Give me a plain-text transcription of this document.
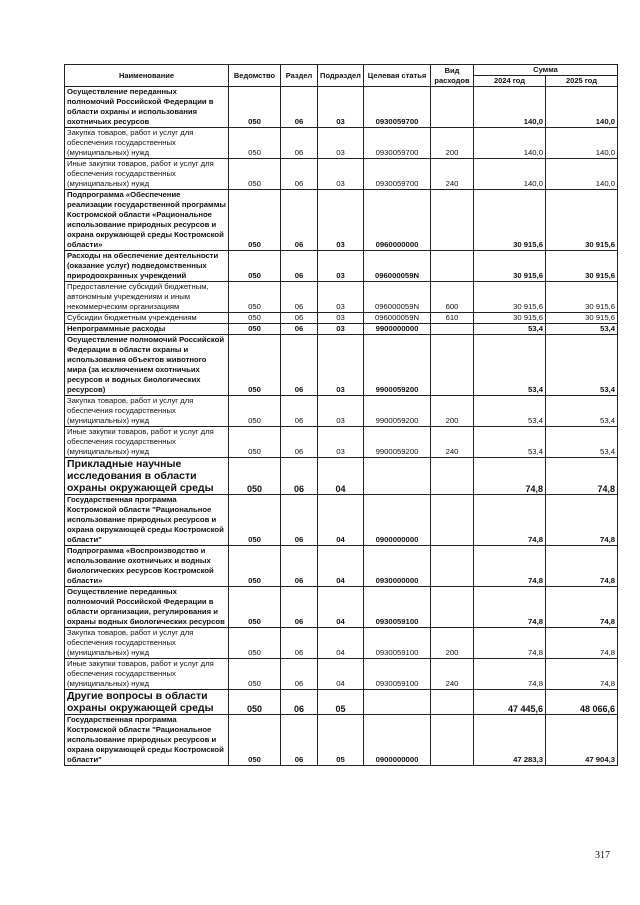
Наименование	Ведомство	Раздел	Подраздел	Целевая статья	Вид расходов	Сумма	
						2024 год	2025 год
Осуществление переданных полномочий Российской Федерации в области охраны и использования охотничьих ресурсов	050	06	03	0930059700		140,0	140,0
Закупка товаров, работ и услуг для обеспечения государственных (муниципальных) нужд	050	06	03	0930059700	200	140,0	140,0
Иные закупки товаров, работ и услуг для обеспечения государственных (муниципальных) нужд	050	06	03	0930059700	240	140,0	140,0
Подпрограмма «Обеспечение реализации государственной программы Костромской области «Рациональное использование природных ресурсов и охрана окружающей среды Костромской области»	050	06	03	0960000000		30 915,6	30 915,6
Расходы на обеспечение деятельности (оказание услуг) подведомственных природоохранных учреждений	050	06	03	096000059N		30 915,6	30 915,6
Предоставление субсидий бюджетным, автономным учреждениям и иным некоммерческим организациям	050	06	03	096000059N	600	30 915,6	30 915,6
Субсидии бюджетным учреждениям	050	06	03	096000059N	610	30 915,6	30 915,6
Непрограммные расходы	050	06	03	9900000000		53,4	53,4
Осуществление полномочий Российской Федерации в области охраны и использования объектов животного мира (за исключением охотничьих ресурсов и водных биологических ресурсов)	050	06	03	9900059200		53,4	53,4
Закупка товаров, работ и услуг для обеспечения государственных (муниципальных) нужд	050	06	03	9900059200	200	53,4	53,4
Иные закупки товаров, работ и услуг для обеспечения государственных (муниципальных) нужд	050	06	03	9900059200	240	53,4	53,4
Прикладные научные исследования в области охраны окружающей среды	050	06	04			74,8	74,8
Государственная программа Костромской области "Рациональное использование природных ресурсов и охрана окружающей среды Костромской области"	050	06	04	0900000000		74,8	74,8
Подпрограмма «Воспроизводство и использование охотничьих и водных биологических ресурсов Костромской области»	050	06	04	0930000000		74,8	74,8
Осуществление переданных полномочий Российской Федерации в области организации, регулирования и охраны водных биологических ресурсов	050	06	04	0930059100		74,8	74,8
Закупка товаров, работ и услуг для обеспечения государственных (муниципальных) нужд	050	06	04	0930059100	200	74,8	74,8
Иные закупки товаров, работ и услуг для обеспечения государственных (муниципальных) нужд	050	06	04	0930059100	240	74,8	74,8
Другие вопросы в области охраны окружающей среды	050	06	05			47 445,6	48 066,6
Государственная программа Костромской области "Рациональное использование природных ресурсов и охрана окружающей среды Костромской области"	050	06	05	0900000000		47 283,3	47 904,3
317
